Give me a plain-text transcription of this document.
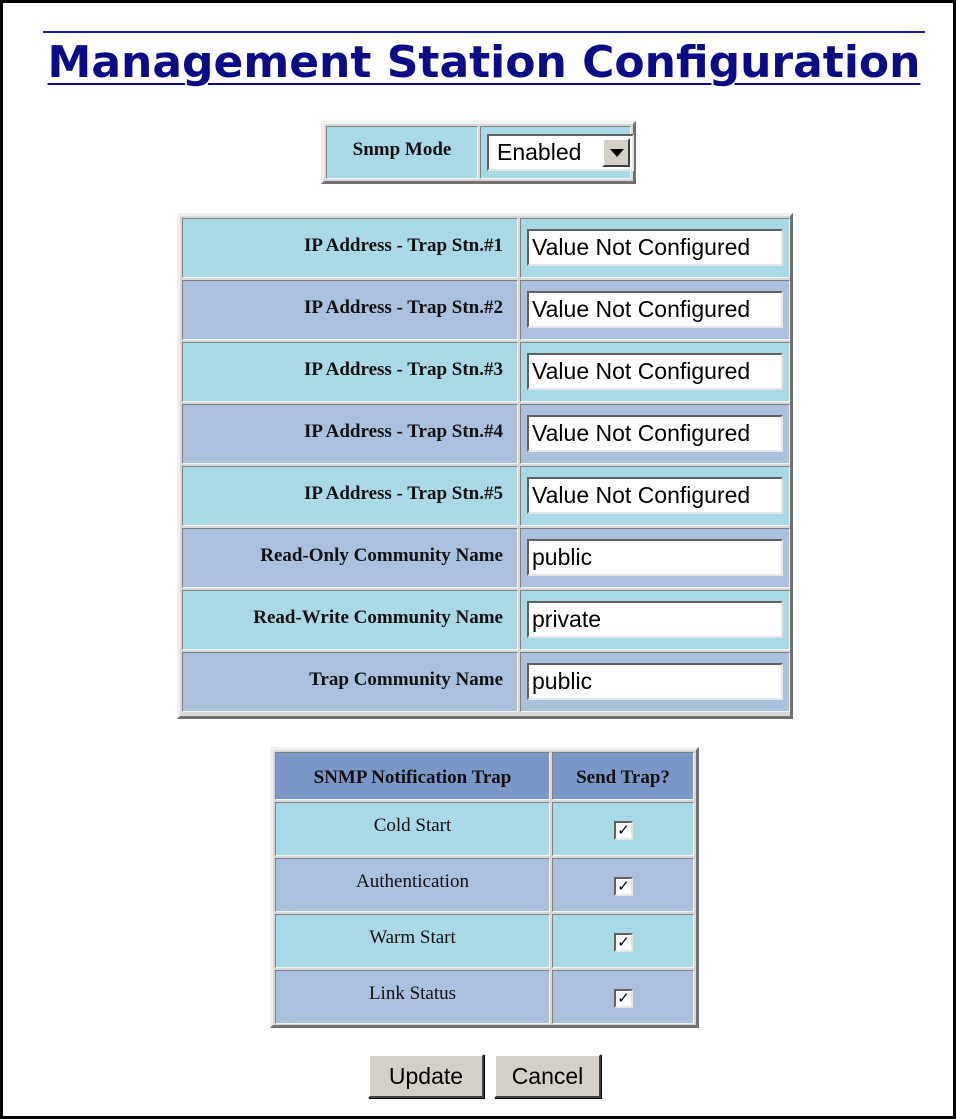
Management Station Configuration
Snmp Mode	Enabled
IP Address - Trap Stn.#1	Value Not Configured
IP Address - Trap Stn.#2	Value Not Configured
IP Address - Trap Stn.#3	Value Not Configured
IP Address - Trap Stn.#4	Value Not Configured
IP Address - Trap Stn.#5	Value Not Configured
Read-Only Community Name	public
Read-Write Community Name	private
Trap Community Name	public
SNMP Notification Trap	Send Trap?
Cold Start	✓
Authentication	✓
Warm Start	✓
Link Status	✓
Update	Cancel
